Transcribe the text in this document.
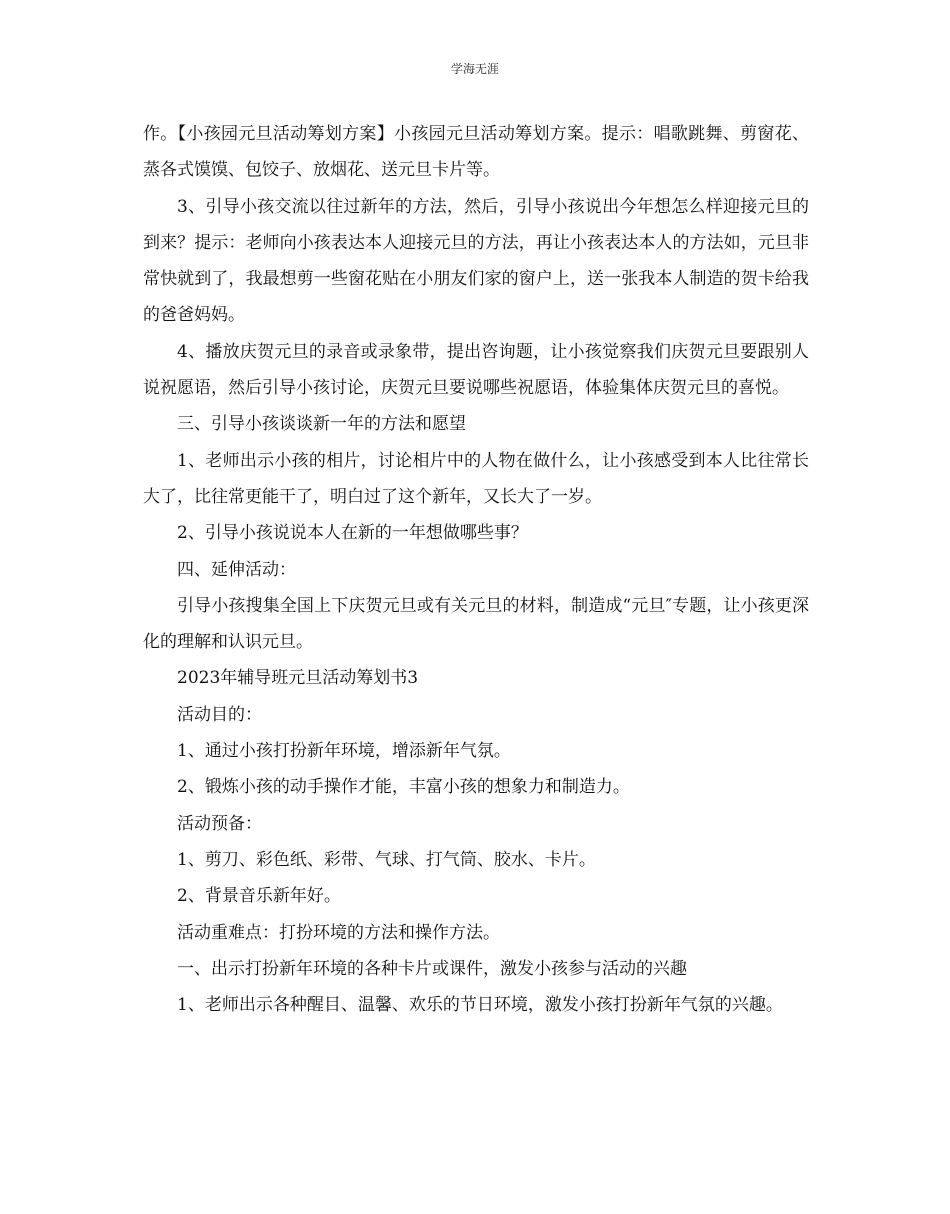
学海无涯

作。【小孩园元旦活动筹划方案】小孩园元旦活动筹划方案。提示：唱歌跳舞、剪窗花、蒸各式馍馍、包饺子、放烟花、送元旦卡片等。

3、引导小孩交流以往过新年的方法，然后，引导小孩说出今年想怎么样迎接元旦的到来？提示：老师向小孩表达本人迎接元旦的方法，再让小孩表达本人的方法如，元旦非常快就到了，我最想剪一些窗花贴在小朋友们家的窗户上，送一张我本人制造的贺卡给我的爸爸妈妈。

4、播放庆贺元旦的录音或录象带，提出咨询题，让小孩觉察我们庆贺元旦要跟别人说祝愿语，然后引导小孩讨论，庆贺元旦要说哪些祝愿语，体验集体庆贺元旦的喜悦。

三、引导小孩谈谈新一年的方法和愿望

1、老师出示小孩的相片，讨论相片中的人物在做什么，让小孩感受到本人比往常长大了，比往常更能干了，明白过了这个新年，又长大了一岁。

2、引导小孩说说本人在新的一年想做哪些事？

四、延伸活动：

引导小孩搜集全国上下庆贺元旦或有关元旦的材料，制造成“元旦″专题，让小孩更深化的理解和认识元旦。

2023年辅导班元旦活动筹划书3

活动目的：

1、通过小孩打扮新年环境，增添新年气氛。

2、锻炼小孩的动手操作才能，丰富小孩的想象力和制造力。

活动预备：

1、剪刀、彩色纸、彩带、气球、打气筒、胶水、卡片。

2、背景音乐新年好。

活动重难点：打扮环境的方法和操作方法。

一、出示打扮新年环境的各种卡片或课件，激发小孩参与活动的兴趣

1、老师出示各种醒目、温馨、欢乐的节日环境，激发小孩打扮新年气氛的兴趣。
